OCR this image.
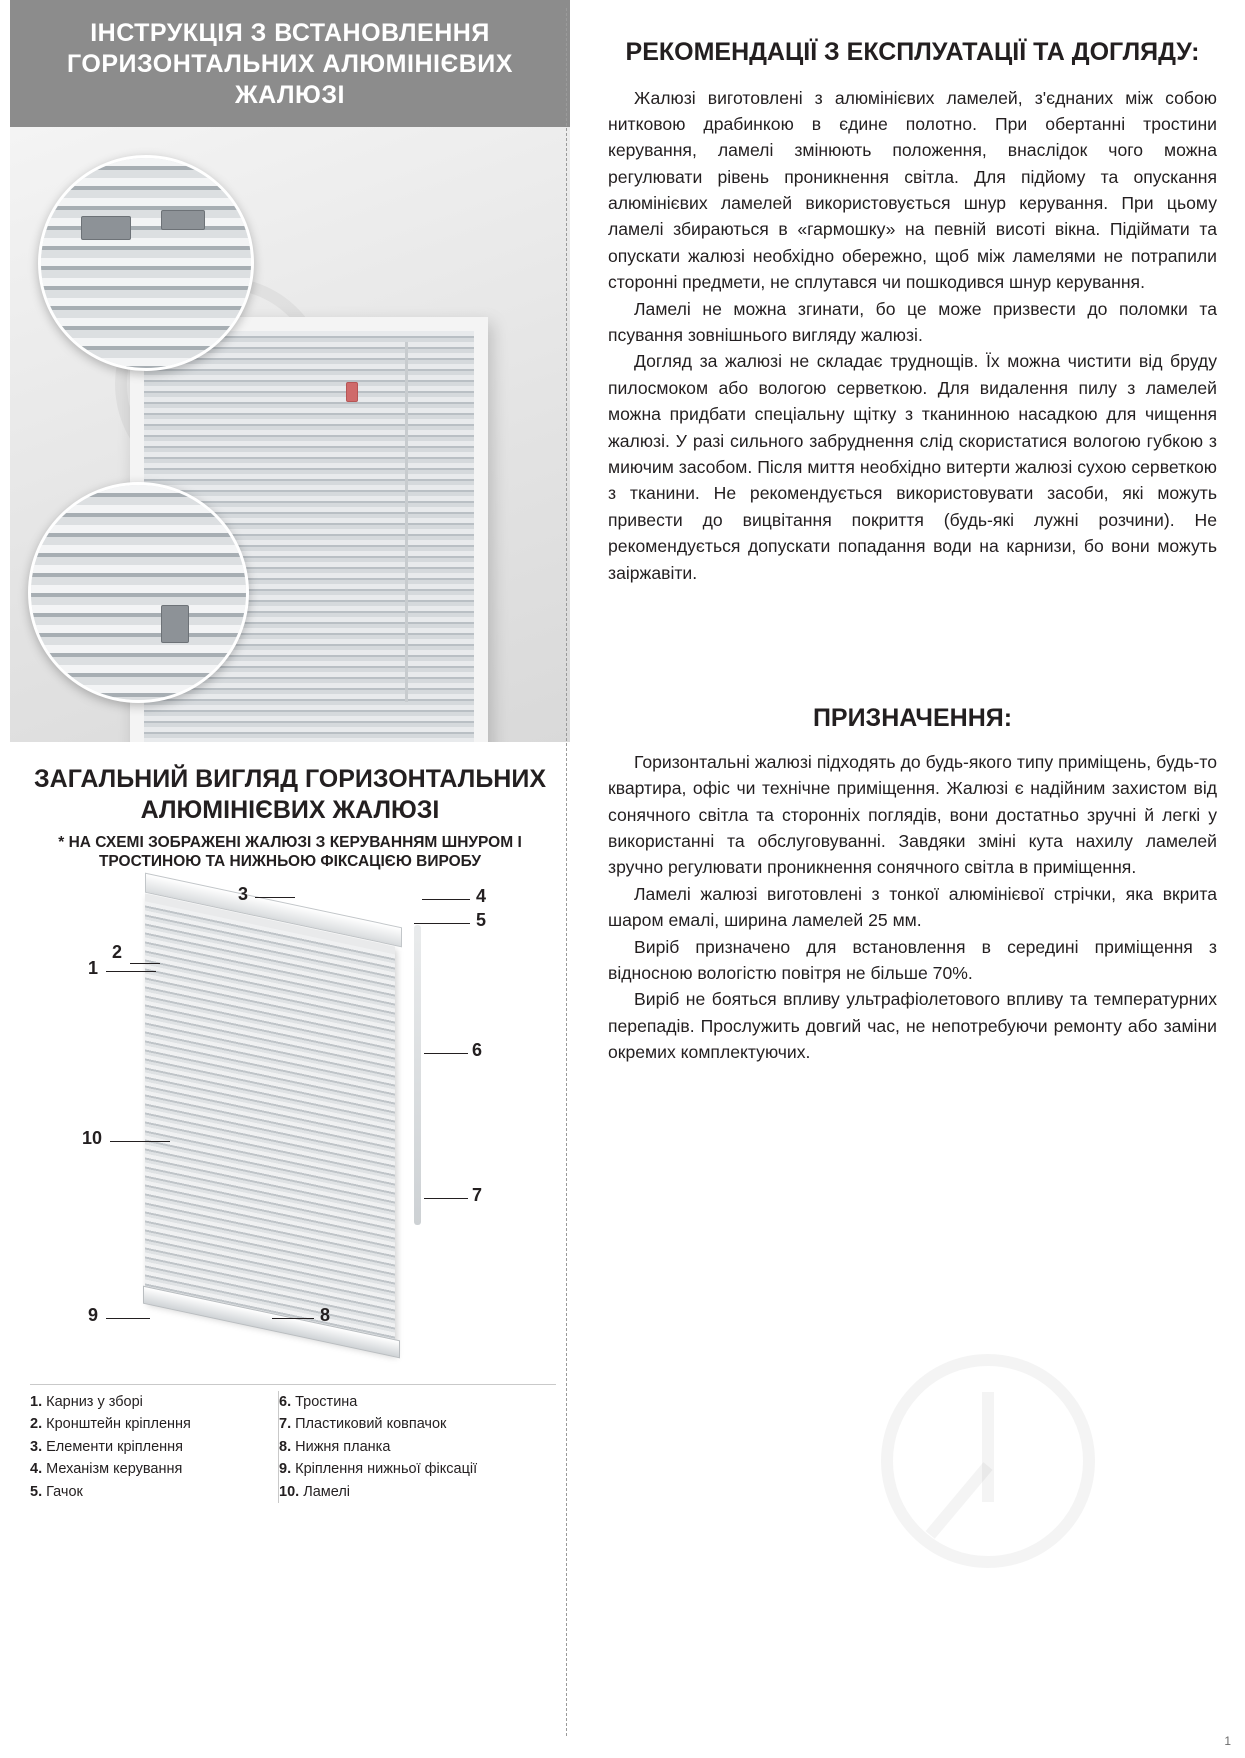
ІНСТРУКЦІЯ З ВСТАНОВЛЕННЯ ГОРИЗОНТАЛЬНИХ АЛЮМІНІЄВИХ ЖАЛЮЗІ
ЗАГАЛЬНИЙ ВИГЛЯД ГОРИЗОНТАЛЬНИХ АЛЮМІНІЄВИХ ЖАЛЮЗІ
* НА СХЕМІ ЗОБРАЖЕНІ ЖАЛЮЗІ З КЕРУВАННЯМ ШНУРОМ І ТРОСТИНОЮ ТА НИЖНЬОЮ ФІКСАЦІЄЮ ВИРОБУ
3	4
5
1
2
6
7
10
9	8
1. Карниз у зборі
2. Кронштейн кріплення
3. Елементи кріплення
4. Механізм керування
5. Гачок
6. Тростина
7. Пластиковий ковпачок
8. Нижня планка
9. Кріплення нижньої фіксації
10. Ламелі
РЕКОМЕНДАЦІЇ З ЕКСПЛУАТАЦІЇ ТА ДОГЛЯДУ:

Жалюзі виготовлені з алюмінієвих ламелей, з'єднаних між собою нитковою драбинкою в єдине полотно. При обертанні тростини керування, ламелі змінюють положення, внаслідок чого можна регулювати рівень проникнення світла. Для підйому та опускання алюмінієвих ламелей використовується шнур керування. При цьому ламелі збираються в «гармошку» на певній висоті вікна. Підіймати та опускати жалюзі необхідно обережно, щоб між ламелями не потрапили сторонні предмети, не сплутався чи пошкодився шнур керування.

Ламелі не можна згинати, бо це може призвести до поломки та псування зовнішнього вигляду жалюзі.

Догляд за жалюзі не складає труднощів. Їх можна чистити від бруду пилосмоком або вологою серветкою. Для видалення пилу з ламелей можна придбати спеціальну щітку з тканинною насадкою для чищення жалюзі. У разі сильного забруднення слід скористатися вологою губкою з миючим засобом. Після миття необхідно витерти жалюзі сухою серветкою з тканини. Не рекомендується використовувати засоби, які можуть привести до вицвітання покриття (будь-які лужні розчини). Не рекомендується допускати попадання води на карнизи, бо вони можуть заіржавіти.

ПРИЗНАЧЕННЯ:

Горизонтальні жалюзі підходять до будь-якого типу приміщень, будь-то квартира, офіс чи технічне приміщення. Жалюзі є надійним захистом від сонячного світла та сторонніх поглядів, вони достатньо зручні й легкі у використанні та обслуговуванні. Завдяки зміні кута нахилу ламелей зручно регулювати проникнення сонячного світла в приміщення.

Ламелі жалюзі виготовлені з тонкої алюмінієвої стрічки, яка вкрита шаром емалі, ширина ламелей 25 мм.

Виріб призначено для встановлення в середині приміщення з відносною вологістю повітря не більше 70%.

Виріб не бояться впливу ультрафіолетового впливу та температурних перепадів. Прослужить довгий час, не непотребуючи ремонту або заміни окремих комплектуючих.

1
